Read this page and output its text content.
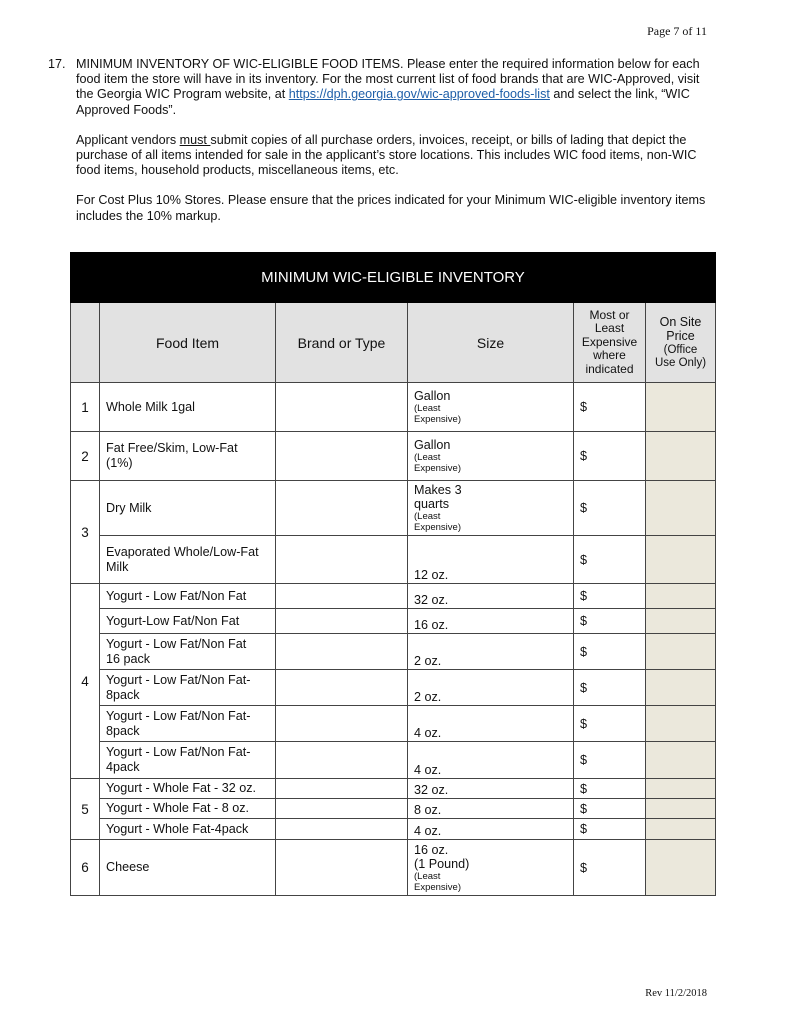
Page 7 of 11
17. MINIMUM INVENTORY OF WIC-ELIGIBLE FOOD ITEMS. Please enter the required information below for each food item the store will have in its inventory. For the most current list of food brands that are WIC-Approved, visit the Georgia WIC Program website, at https://dph.georgia.gov/wic-approved-foods-list and select the link, “WIC Approved Foods”.
Applicant vendors must submit copies of all purchase orders, invoices, receipt, or bills of lading that depict the purchase of all items intended for sale in the applicant’s store locations. This includes WIC food items, non-WIC food items, household products, miscellaneous items, etc.
For Cost Plus 10% Stores. Please ensure that the prices indicated for your Minimum WIC-eligible inventory items includes the 10% markup.
MINIMUM WIC-ELIGIBLE INVENTORY					
	Food Item	Brand or Type	Size	Most or
Least
Expensive
where
indicated	On Site
Price
(Office
Use Only)
1	Whole Milk 1gal		Gallon
(Least
Expensive)	$	
2	Fat Free/Skim, Low-Fat
(1%)		Gallon
(Least
Expensive)	$	
3	Dry Milk		Makes 3
quarts
(Least
Expensive)	$	
	Evaporated Whole/Low-Fat
Milk		12 oz.	$	
4	Yogurt - Low Fat/Non Fat		32 oz.	$	
	Yogurt-Low Fat/Non Fat		16 oz.	$	
	Yogurt - Low Fat/Non Fat
16 pack		2 oz.	$	
	Yogurt - Low Fat/Non Fat-
8pack		2 oz.	$	
	Yogurt - Low Fat/Non Fat-
8pack		4 oz.	$	
	Yogurt - Low Fat/Non Fat-
4pack		4 oz.	$	
5	Yogurt - Whole Fat - 32 oz.		32 oz.	$	
	Yogurt - Whole Fat - 8 oz.		8 oz.	$	
	Yogurt - Whole Fat-4pack		4 oz.	$	
6	Cheese		16 oz.
(1 Pound)
(Least
Expensive)	$	
Rev 11/2/2018
